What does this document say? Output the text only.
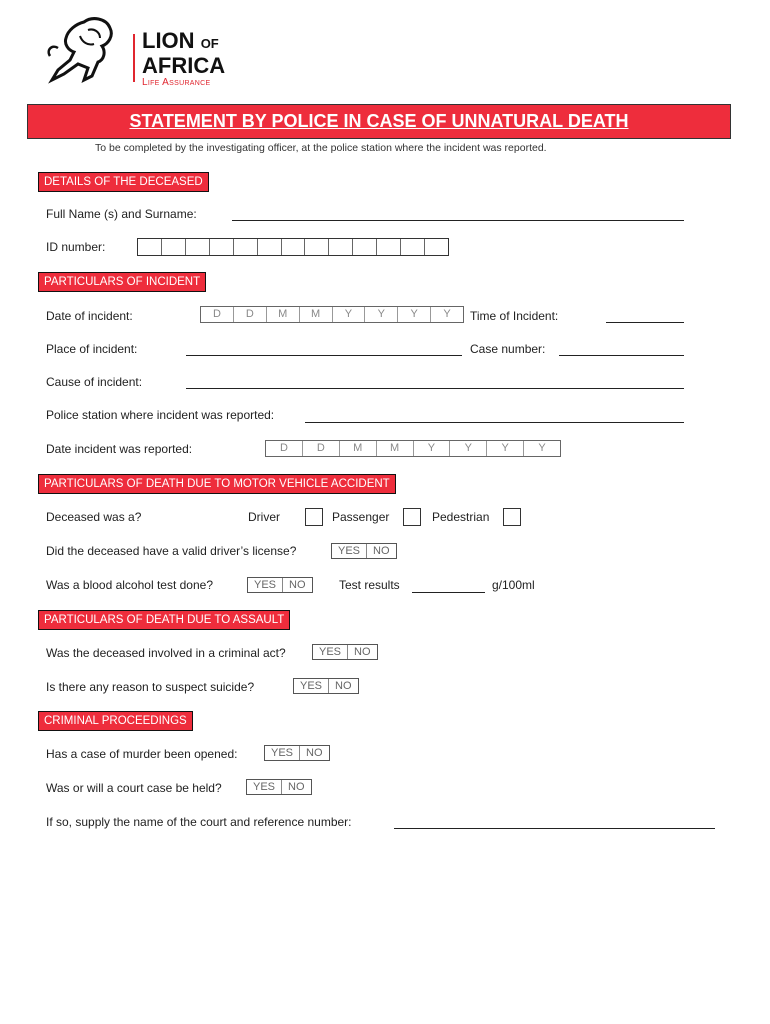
LION OF
AFRICA
Life Assurance
STATEMENT BY POLICE IN CASE OF UNNATURAL DEATH
To be completed by the investigating officer, at the police station where the incident was reported.
DETAILS OF THE DECEASED
Full Name (s) and Surname:
ID number:
PARTICULARS OF INCIDENT
Date of incident:	D	D	M	M	Y	Y	Y	Y	Time of Incident:
Place of incident:	Case number:
Cause of incident:
Police station where incident was reported:
Date incident was reported:	D	D	M	M	Y	Y	Y	Y
PARTICULARS OF DEATH DUE TO MOTOR VEHICLE ACCIDENT
Deceased was a?	Driver	Passenger	Pedestrian
Did the deceased have a valid driver’s license?	YES	NO
Was a blood alcohol test done?	YES	NO	Test results	g/100ml
PARTICULARS OF DEATH DUE TO ASSAULT
Was the deceased involved in a criminal act?	YES	NO
Is there any reason to suspect suicide?	YES	NO
CRIMINAL PROCEEDINGS
Has a case of murder been opened:	YES	NO
Was or will a court case be held?	YES	NO
If so, supply the name of the court and reference number:
